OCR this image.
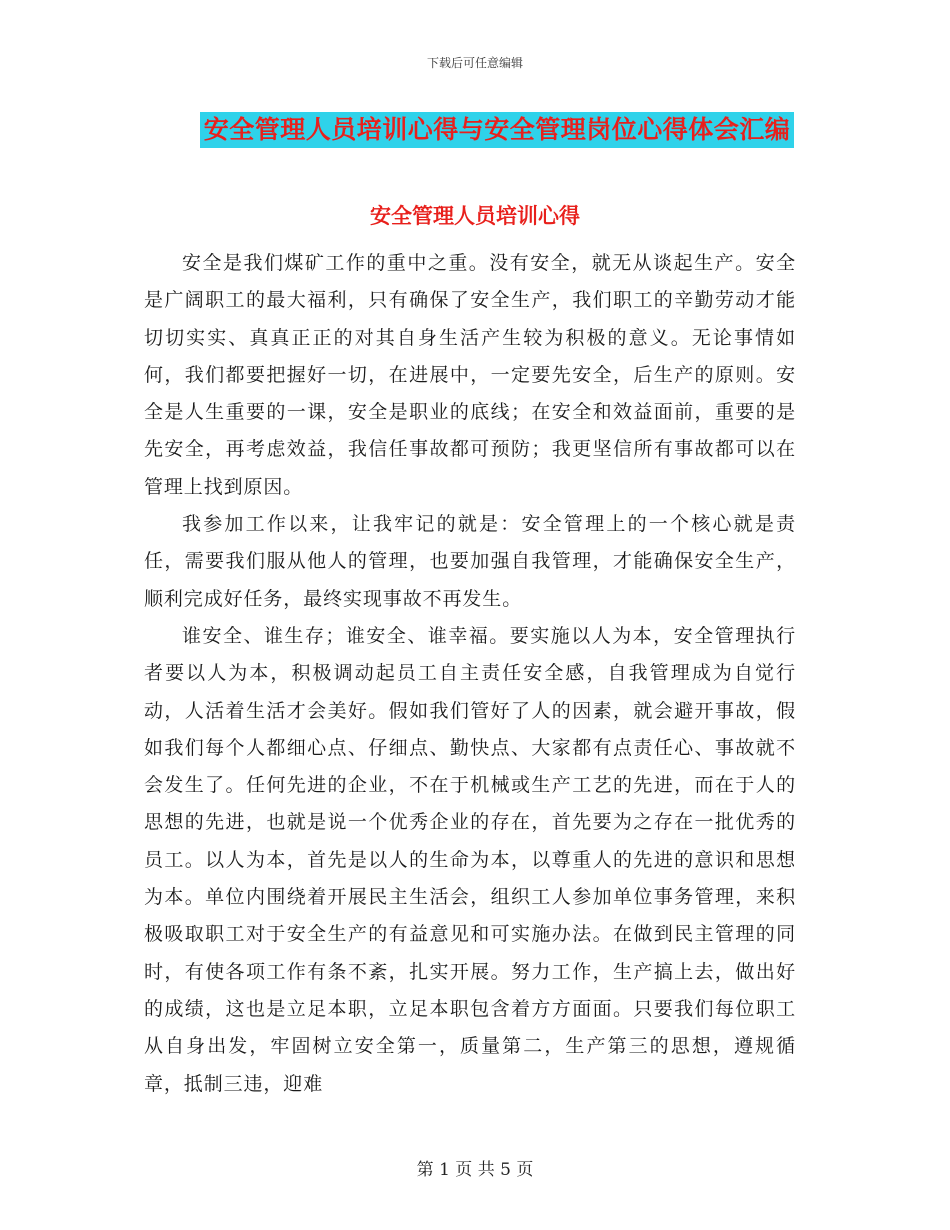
下载后可任意编辑
安全管理人员培训心得与安全管理岗位心得体会汇编
安全管理人员培训心得

安全是我们煤矿工作的重中之重。没有安全，就无从谈起生产。安全是广阔职工的最大福利，只有确保了安全生产，我们职工的辛勤劳动才能切切实实、真真正正的对其自身生活产生较为积极的意义。无论事情如何，我们都要把握好一切，在进展中，一定要先安全，后生产的原则。安全是人生重要的一课，安全是职业的底线；在安全和效益面前，重要的是先安全，再考虑效益，我信任事故都可预防；我更坚信所有事故都可以在管理上找到原因。

我参加工作以来，让我牢记的就是：安全管理上的一个核心就是责任，需要我们服从他人的管理，也要加强自我管理，才能确保安全生产，顺利完成好任务，最终实现事故不再发生。

谁安全、谁生存；谁安全、谁幸福。要实施以人为本，安全管理执行者要以人为本，积极调动起员工自主责任安全感，自我管理成为自觉行动，人活着生活才会美好。假如我们管好了人的因素，就会避开事故，假如我们每个人都细心点、仔细点、勤快点、大家都有点责任心、事故就不会发生了。任何先进的企业，不在于机械或生产工艺的先进，而在于人的思想的先进，也就是说一个优秀企业的存在，首先要为之存在一批优秀的员工。以人为本，首先是以人的生命为本，以尊重人的先进的意识和思想为本。单位内围绕着开展民主生活会，组织工人参加单位事务管理，来积极吸取职工对于安全生产的有益意见和可实施办法。在做到民主管理的同时，有使各项工作有条不紊，扎实开展。努力工作，生产搞上去，做出好的成绩，这也是立足本职，立足本职包含着方方面面。只要我们每位职工从自身出发，牢固树立安全第一，质量第二，生产第三的思想，遵规循章，抵制三违，迎难

第 1 页 共 5 页
